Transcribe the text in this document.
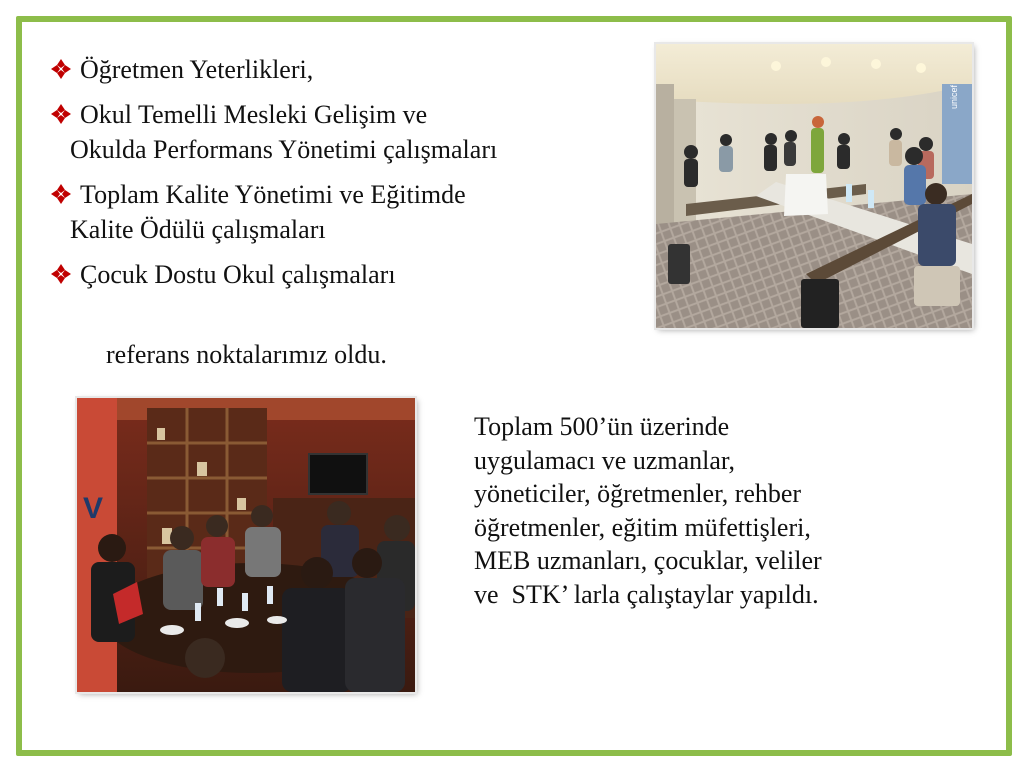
Öğretmen Yeterlikleri,
Okul Temelli Mesleki Gelişim ve
Okulda Performans Yönetimi çalışmaları
Toplam Kalite Yönetimi ve Eğitimde
Kalite Ödülü çalışmaları
Çocuk Dostu Okul çalışmaları
referans noktalarımız oldu.
unicef
V
Toplam 500’ün üzerinde
uygulamacı ve uzmanlar,
yöneticiler, öğretmenler, rehber
öğretmenler, eğitim müfettişleri,
MEB uzmanları, çocuklar, veliler
ve  STK’ larla çalıştaylar yapıldı.
